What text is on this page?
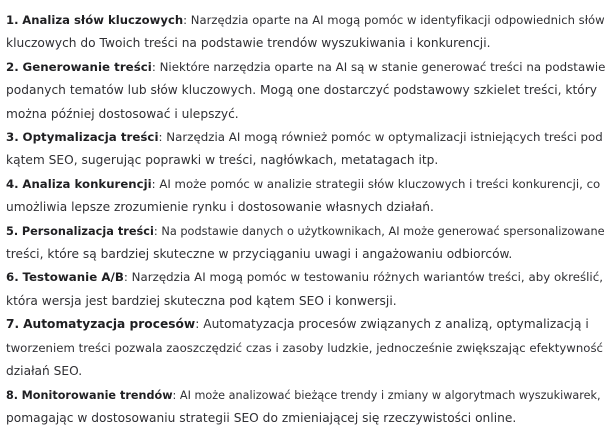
1. Analiza słów kluczowych: Narzędzia oparte na AI mogą pomóc w identyfikacji odpowiednich słów
kluczowych do Twoich treści na podstawie trendów wyszukiwania i konkurencji.
2. Generowanie treści: Niektóre narzędzia oparte na AI są w stanie generować treści na podstawie
podanych tematów lub słów kluczowych. Mogą one dostarczyć podstawowy szkielet treści, który
można później dostosować i ulepszyć.
3. Optymalizacja treści: Narzędzia AI mogą również pomóc w optymalizacji istniejących treści pod
kątem SEO, sugerując poprawki w treści, nagłówkach, metatagach itp.
4. Analiza konkurencji: AI może pomóc w analizie strategii słów kluczowych i treści konkurencji, co
umożliwia lepsze zrozumienie rynku i dostosowanie własnych działań.
5. Personalizacja treści: Na podstawie danych o użytkownikach, AI może generować spersonalizowane
treści, które są bardziej skuteczne w przyciąganiu uwagi i angażowaniu odbiorców.
6. Testowanie A/B: Narzędzia AI mogą pomóc w testowaniu różnych wariantów treści, aby określić,
która wersja jest bardziej skuteczna pod kątem SEO i konwersji.
7. Automatyzacja procesów: Automatyzacja procesów związanych z analizą, optymalizacją i
tworzeniem treści pozwala zaoszczędzić czas i zasoby ludzkie, jednocześnie zwiększając efektywność
działań SEO.
8. Monitorowanie trendów: AI może analizować bieżące trendy i zmiany w algorytmach wyszukiwarek,
pomagając w dostosowaniu strategii SEO do zmieniającej się rzeczywistości online.
